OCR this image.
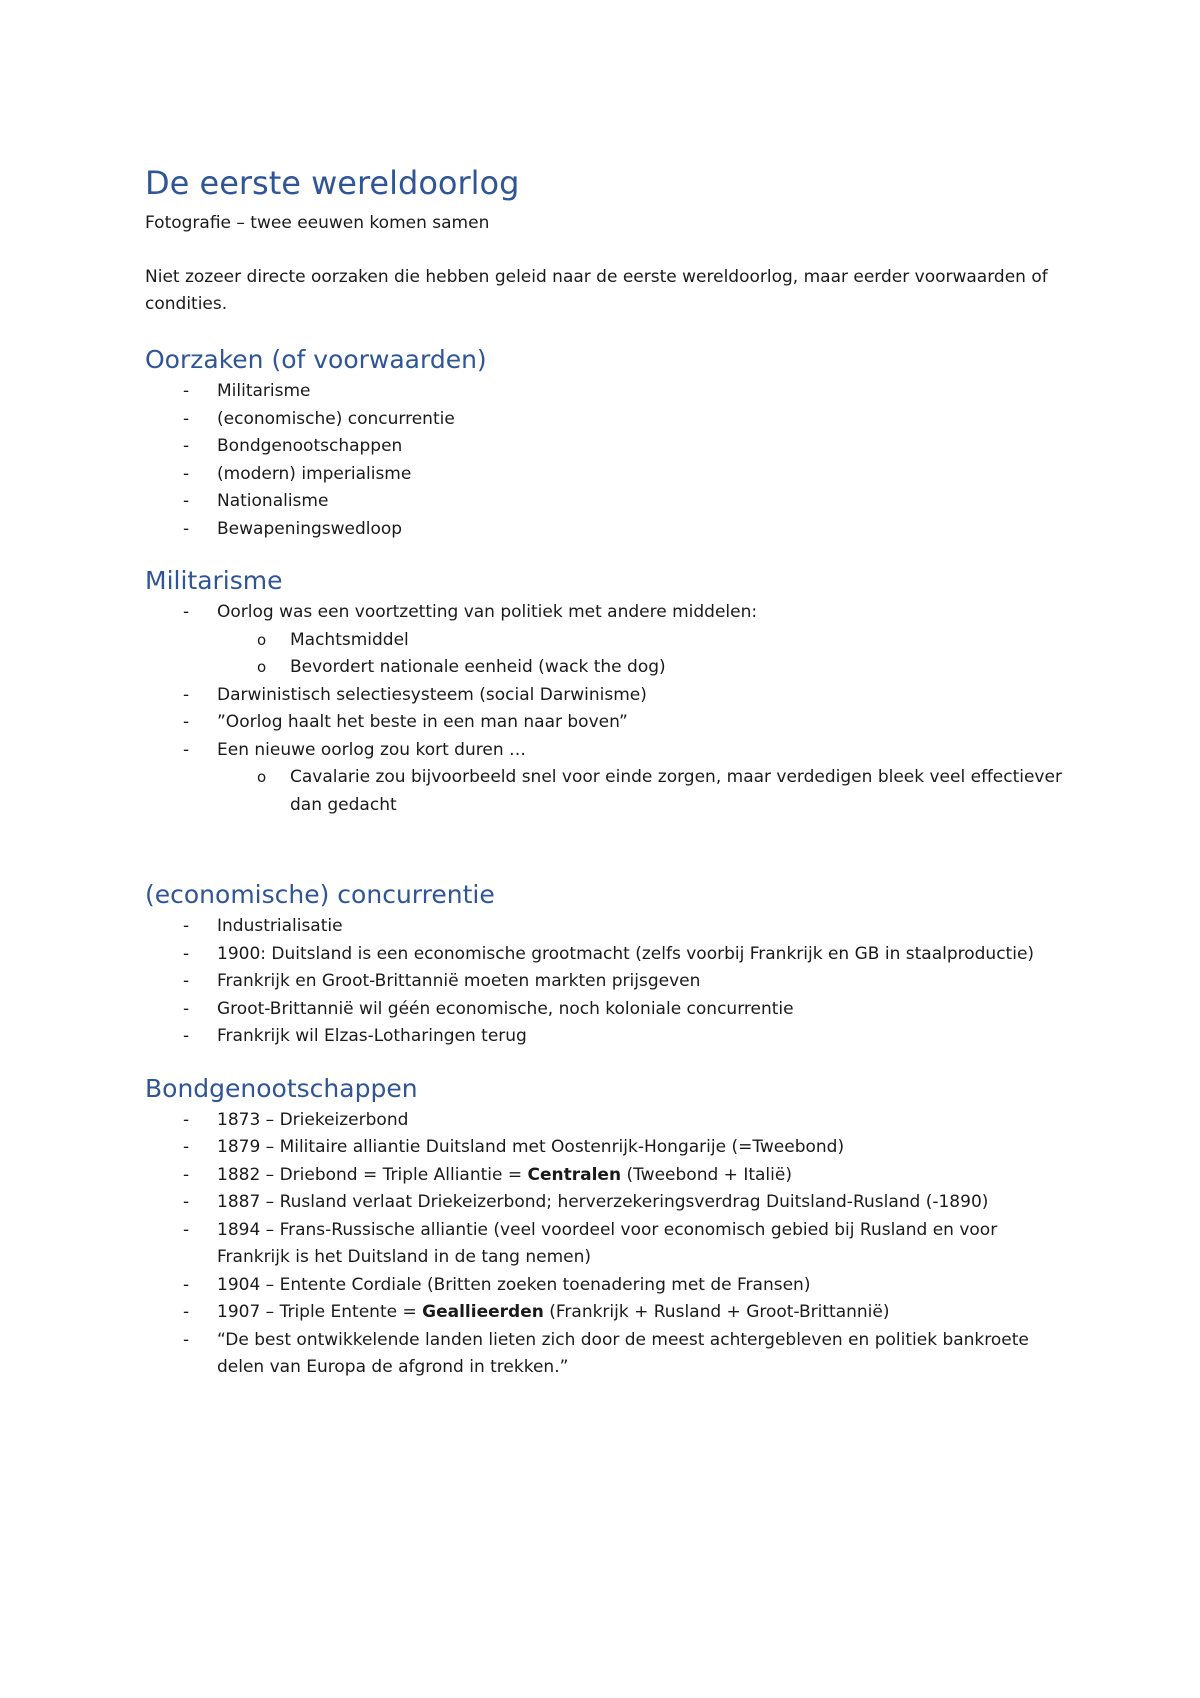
De eerste wereldoorlog

Fotografie – twee eeuwen komen samen

Niet zozeer directe oorzaken die hebben geleid naar de eerste wereldoorlog, maar eerder voorwaarden of condities.

Oorzaken (of voorwaarden)
- Militarisme
- (economische) concurrentie
- Bondgenootschappen
- (modern) imperialisme
- Nationalisme
- Bewapeningswedloop
Militarisme
- Oorlog was een voortzetting van politiek met andere middelen:
o Machtsmiddel
o Bevordert nationale eenheid (wack the dog)
- Darwinistisch selectiesysteem (social Darwinisme)
- ”Oorlog haalt het beste in een man naar boven”
- Een nieuwe oorlog zou kort duren …
o Cavalarie zou bijvoorbeeld snel voor einde zorgen, maar verdedigen bleek veel effectiever dan gedacht
(economische) concurrentie
- Industrialisatie
- 1900: Duitsland is een economische grootmacht (zelfs voorbij Frankrijk en GB in staalproductie)
- Frankrijk en Groot-Brittannië moeten markten prijsgeven
- Groot-Brittannië wil géén economische, noch koloniale concurrentie
- Frankrijk wil Elzas-Lotharingen terug
Bondgenootschappen
- 1873 – Driekeizerbond
- 1879 – Militaire alliantie Duitsland met Oostenrijk-Hongarije (=Tweebond)
- 1882 – Driebond = Triple Alliantie = Centralen (Tweebond + Italië)
- 1887 – Rusland verlaat Driekeizerbond; herverzekeringsverdrag Duitsland-Rusland (-1890)
- 1894 – Frans-Russische alliantie (veel voordeel voor economisch gebied bij Rusland en voor Frankrijk is het Duitsland in de tang nemen)
- 1904 – Entente Cordiale (Britten zoeken toenadering met de Fransen)
- 1907 – Triple Entente = Geallieerden (Frankrijk + Rusland + Groot-Brittannië)
- “De best ontwikkelende landen lieten zich door de meest achtergebleven en politiek bankroete delen van Europa de afgrond in trekken.”
